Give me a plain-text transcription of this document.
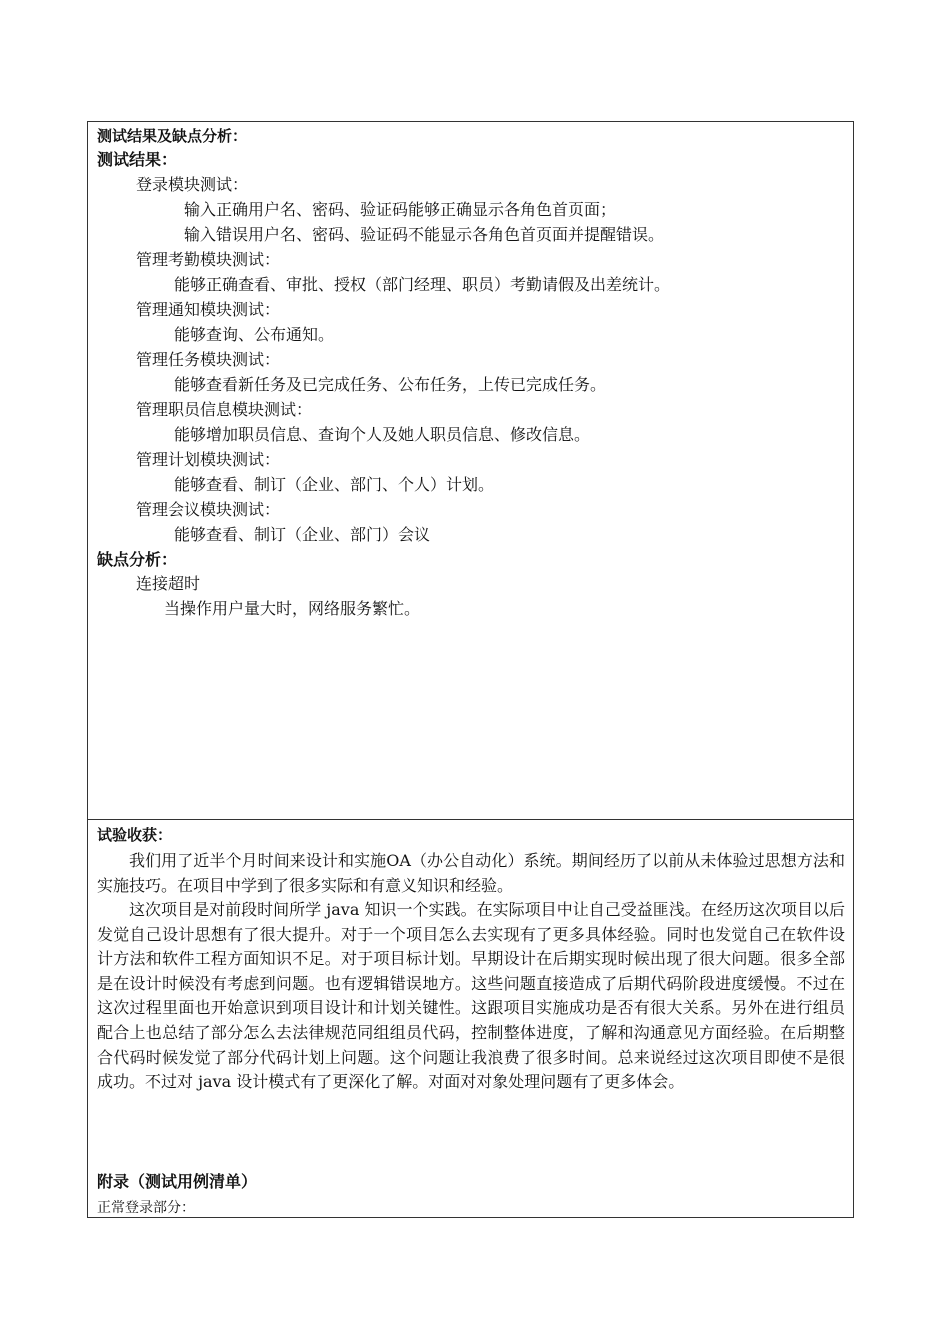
测试结果及缺点分析：
测试结果：
登录模块测试：
输入正确用户名、密码、验证码能够正确显示各角色首页面；
输入错误用户名、密码、验证码不能显示各角色首页面并提醒错误。
管理考勤模块测试：
能够正确查看、审批、授权（部门经理、职员）考勤请假及出差统计。
管理通知模块测试：
能够查询、公布通知。
管理任务模块测试：
能够查看新任务及已完成任务、公布任务，上传已完成任务。
管理职员信息模块测试：
能够增加职员信息、查询个人及她人职员信息、修改信息。
管理计划模块测试：
能够查看、制订（企业、部门、个人）计划。
管理会议模块测试：
能够查看、制订（企业、部门）会议
缺点分析：
连接超时
当操作用户量大时，网络服务繁忙。
试验收获：
我们用了近半个月时间来设计和实施OA（办公自动化）系统。期间经历了以前从未体验过思想方法和实施技巧。在项目中学到了很多实际和有意义知识和经验。
这次项目是对前段时间所学 java 知识一个实践。在实际项目中让自己受益匪浅。在经历这次项目以后发觉自己设计思想有了很大提升。对于一个项目怎么去实现有了更多具体经验。同时也发觉自己在软件设计方法和软件工程方面知识不足。对于项目标计划。早期设计在后期实现时候出现了很大问题。很多全部是在设计时候没有考虑到问题。也有逻辑错误地方。这些问题直接造成了后期代码阶段进度缓慢。不过在这次过程里面也开始意识到项目设计和计划关键性。这跟项目实施成功是否有很大关系。另外在进行组员配合上也总结了部分怎么去法律规范同组组员代码，控制整体进度，了解和沟通意见方面经验。在后期整合代码时候发觉了部分代码计划上问题。这个问题让我浪费了很多时间。总来说经过这次项目即使不是很成功。不过对 java 设计模式有了更深化了解。对面对对象处理问题有了更多体会。
附录（测试用例清单）
正常登录部分：
